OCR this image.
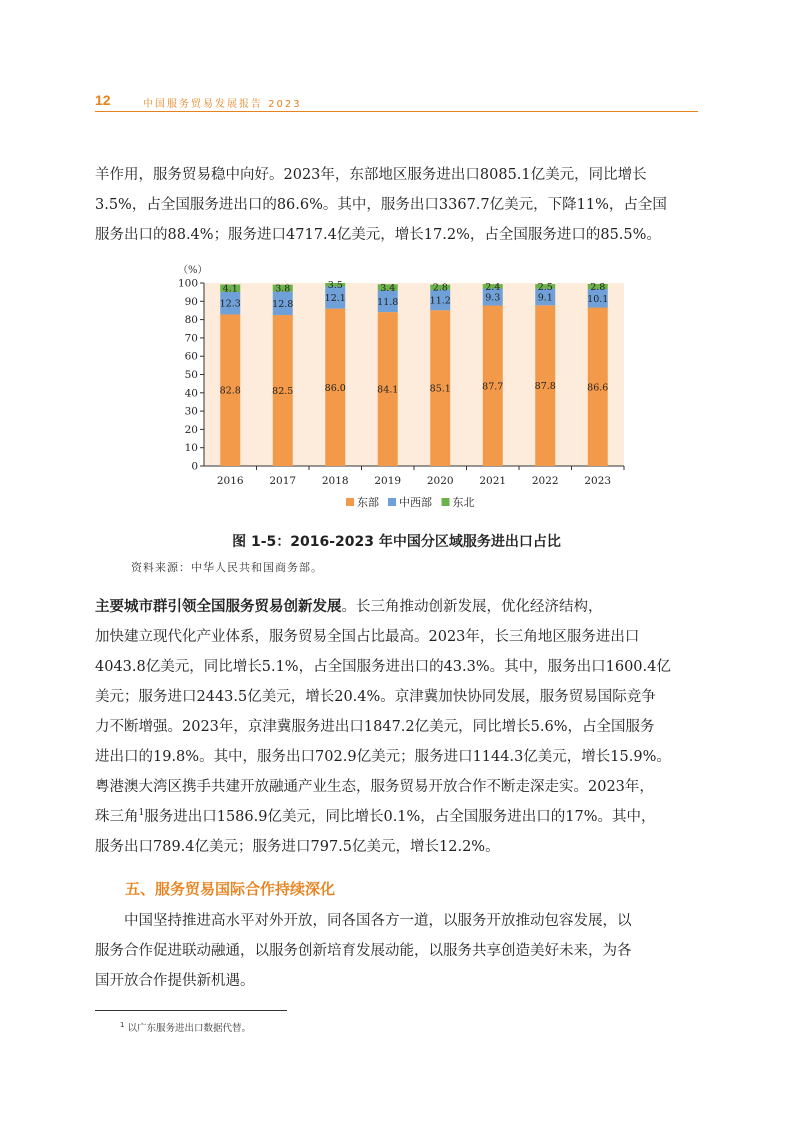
12	中国服务贸易发展报告 2023
羊作用，服务贸易稳中向好。2023年，东部地区服务进出口8085.1亿美元，同比增长
3.5%，占全国服务进出口的86.6%。其中，服务出口3367.7亿美元，下降11%，占全国
服务出口的88.4%；服务进口4717.4亿美元，增长17.2%，占全国服务进口的85.5%。
（%）
0
10
20
30
40
50
60
70
80
90
100
2016
82.8
12.3
4.1
2017
82.5
12.8
3.8
2018
86.0
12.1
3.5
2019
84.1
11.8
3.4
2020
85.1
11.2
2.8
2021
87.7
9.3
2.4
2022
87.8
9.1
2.5
2023
86.6
10.1
2.8
东部 中西部 东北
图 1-5：2016-2023 年中国分区域服务进出口占比
资料来源：中华人民共和国商务部。
主要城市群引领全国服务贸易创新发展。长三角推动创新发展，优化经济结构，
加快建立现代化产业体系，服务贸易全国占比最高。2023年，长三角地区服务进出口
4043.8亿美元，同比增长5.1%，占全国服务进出口的43.3%。其中，服务出口1600.4亿
美元；服务进口2443.5亿美元，增长20.4%。京津冀加快协同发展，服务贸易国际竞争
力不断增强。2023年，京津冀服务进出口1847.2亿美元，同比增长5.6%，占全国服务
进出口的19.8%。其中，服务出口702.9亿美元；服务进口1144.3亿美元，增长15.9%。
粤港澳大湾区携手共建开放融通产业生态，服务贸易开放合作不断走深走实。2023年，
珠三角$^1$服务进出口1586.9亿美元，同比增长0.1%，占全国服务进出口的17%。其中，
服务出口789.4亿美元；服务进口797.5亿美元，增长12.2%。
五、服务贸易国际合作持续深化
　　中国坚持推进高水平对外开放，同各国各方一道，以服务开放推动包容发展，以
服务合作促进联动融通，以服务创新培育发展动能，以服务共享创造美好未来，为各
国开放合作提供新机遇。
$^1$ 以广东服务进出口数据代替。
